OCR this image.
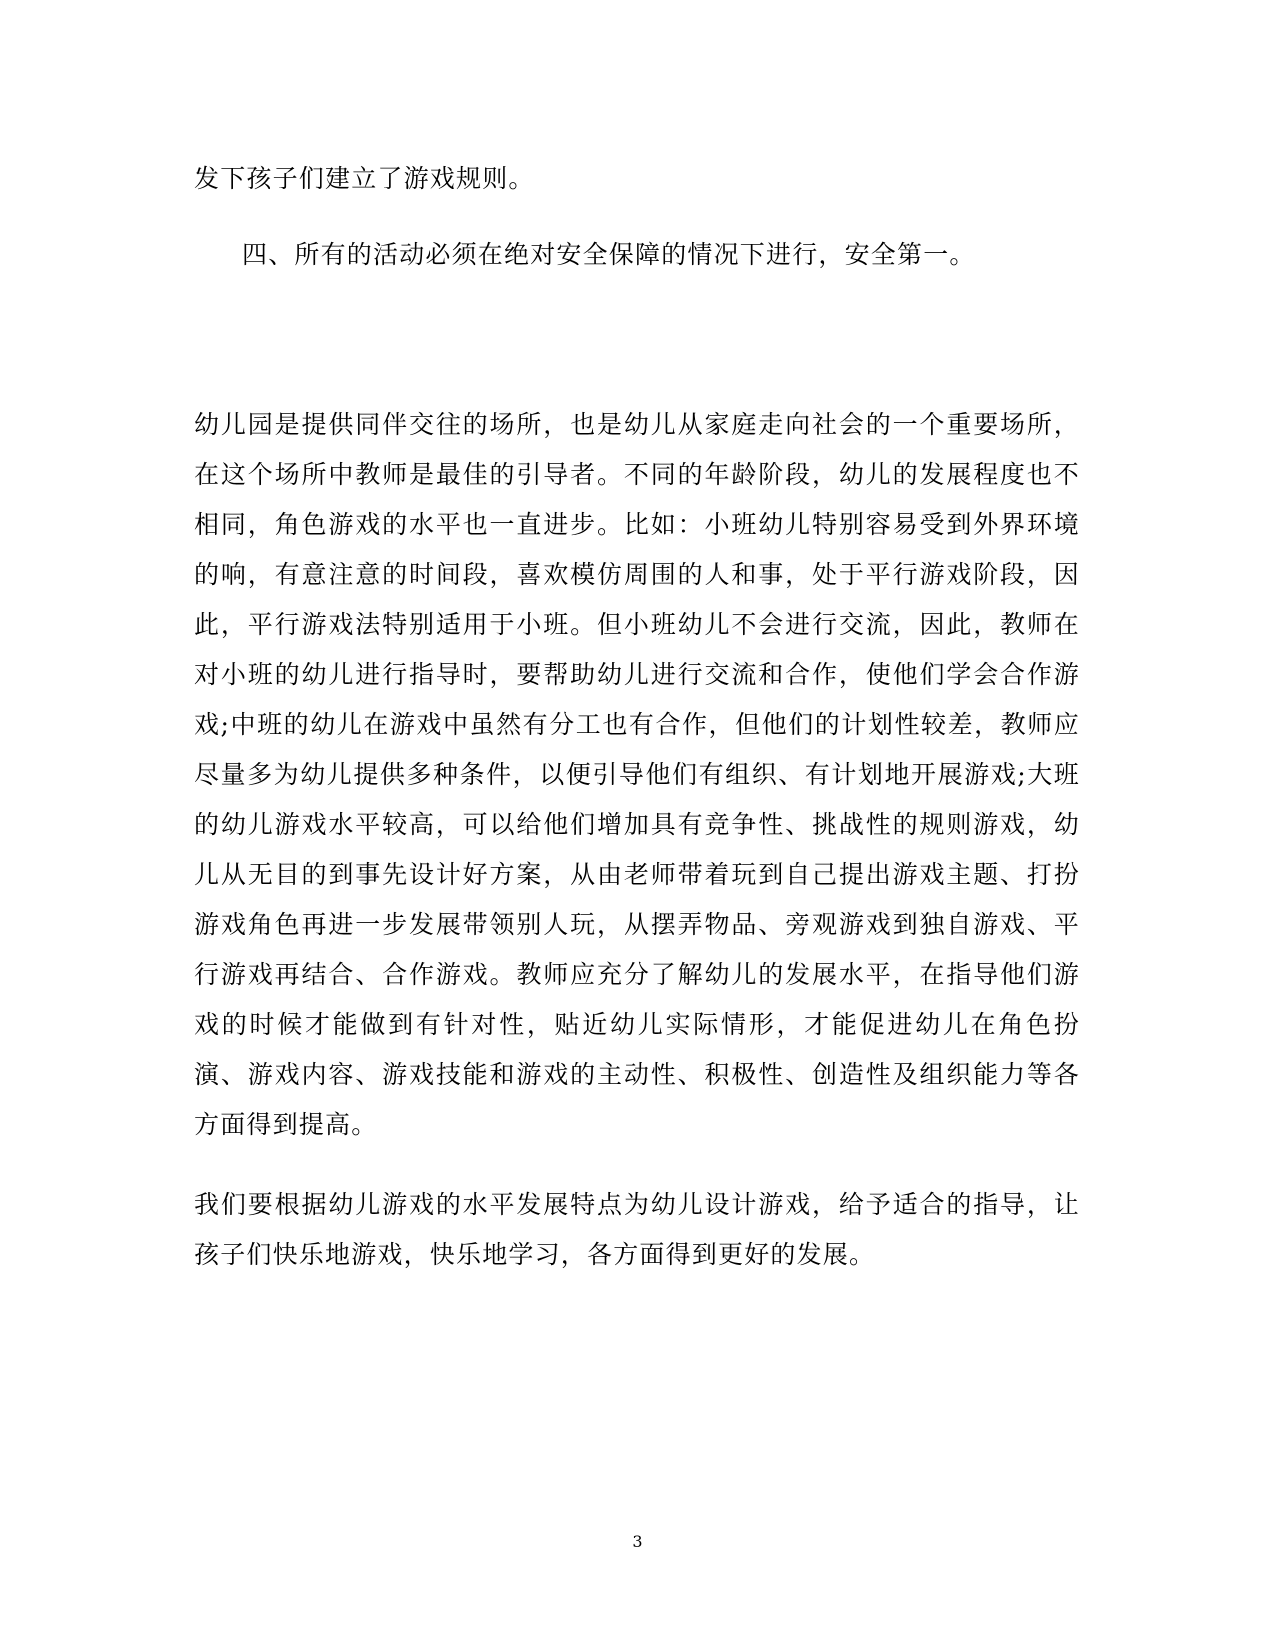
发下孩子们建立了游戏规则。

四、所有的活动必须在绝对安全保障的情况下进行，安全第一。

幼儿园是提供同伴交往的场所，也是幼儿从家庭走向社会的一个重要场所，在这个场所中教师是最佳的引导者。不同的年龄阶段，幼儿的发展程度也不相同，角色游戏的水平也一直进步。比如：小班幼儿特别容易受到外界环境的响，有意注意的时间段，喜欢模仿周围的人和事，处于平行游戏阶段，因此，平行游戏法特别适用于小班。但小班幼儿不会进行交流，因此，教师在对小班的幼儿进行指导时，要帮助幼儿进行交流和合作，使他们学会合作游戏;中班的幼儿在游戏中虽然有分工也有合作，但他们的计划性较差，教师应尽量多为幼儿提供多种条件，以便引导他们有组织、有计划地开展游戏;大班的幼儿游戏水平较高，可以给他们增加具有竞争性、挑战性的规则游戏，幼儿从无目的到事先设计好方案，从由老师带着玩到自己提出游戏主题、打扮游戏角色再进一步发展带领别人玩，从摆弄物品、旁观游戏到独自游戏、平行游戏再结合、合作游戏。教师应充分了解幼儿的发展水平，在指导他们游戏的时候才能做到有针对性，贴近幼儿实际情形，才能促进幼儿在角色扮演、游戏内容、游戏技能和游戏的主动性、积极性、创造性及组织能力等各方面得到提高。

我们要根据幼儿游戏的水平发展特点为幼儿设计游戏，给予适合的指导，让孩子们快乐地游戏，快乐地学习，各方面得到更好的发展。

3
